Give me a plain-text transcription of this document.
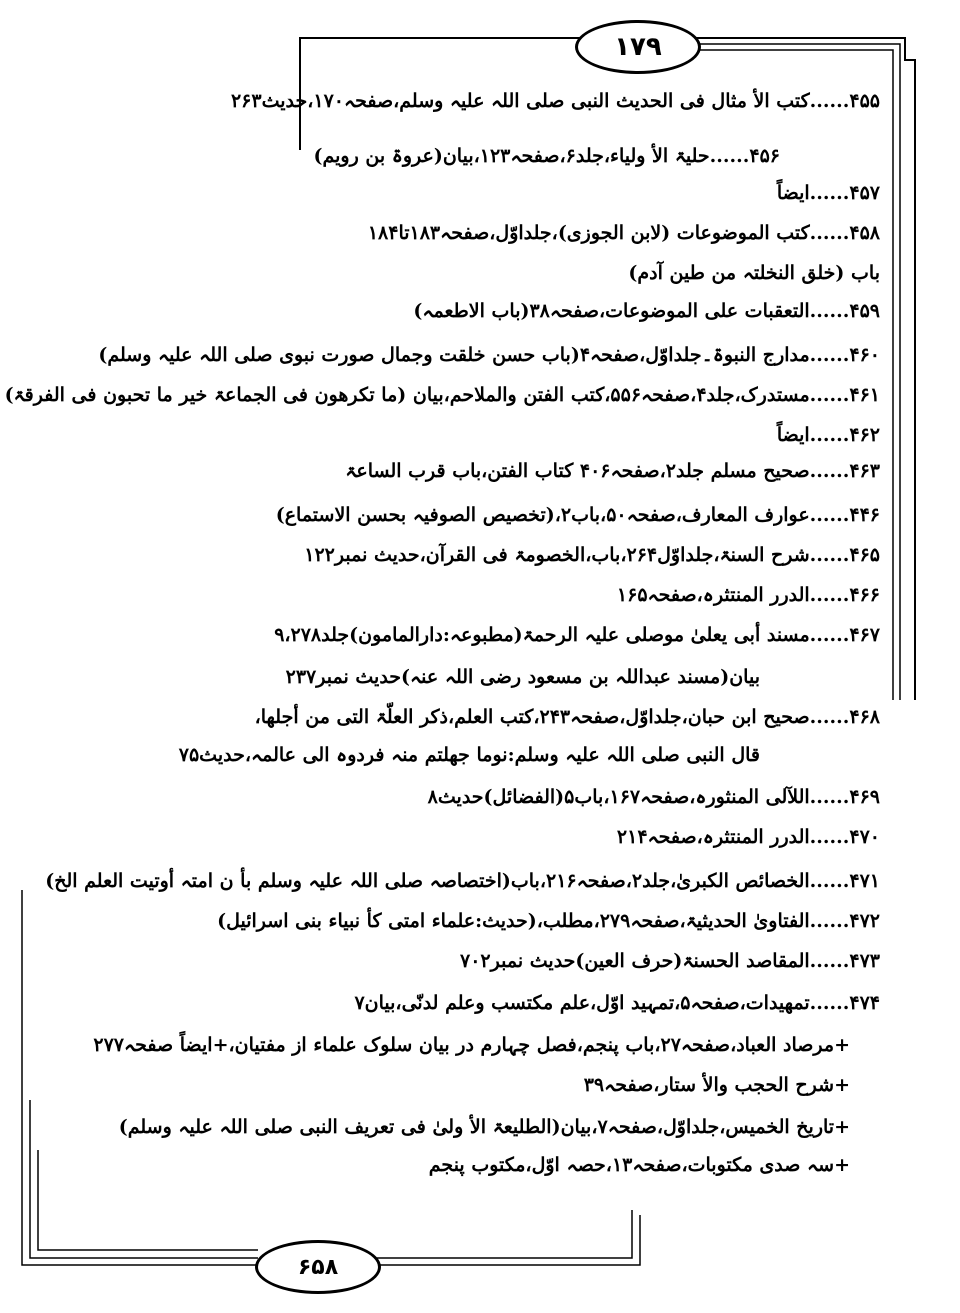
۱۷۹
۶۵۸
۴۵۵......کتب الأ مثال فی الحدیث النبی صلی اللہ علیہ وسلم،صفحہ۱۷۰،حدیث۲۶۳
۴۵۶......حلیۃ الأ ولیاء،جلد۶،صفحہ۱۲۳،بیان(عروۃ بن رویم)
۴۵۷......ایضاً
۴۵۸......کتب الموضوعات (لابن الجوزی)،جلداوّل،صفحہ۱۸۳تا۱۸۴
باب (خلق النخلتہ من طین آدم)
۴۵۹......التعقبات علی الموضوعات،صفحہ۳۸(باب الاطعمہ)
۴۶۰......مدارج النبوۃ۔جلداوّل،صفحہ۴(باب حسن خلقت وجمال صورت نبوی صلی اللہ علیہ وسلم)
۴۶۱......مستدرک،جلد۴،صفحہ۵۵۶،کتب الفتن والملاحم،بیان (ما تکرھون فی الجماعۃ خیر ما تحبون فی الفرقۃ)
۴۶۲......ایضاً
۴۶۳......صحیح مسلم جلد۲،صفحہ۴۰۶ کتاب الفتن،باب قرب الساعۃ
۴۴۶......عوارف المعارف،صفحہ۵۰،باب۲،(تخصیص الصوفیہ بحسن الاستماع)
۴۶۵......شرح السنۃ،جلداوّل۲۶۴،باب،الخصومۃ فی القرآن،حدیث نمبر۱۲۲
۴۶۶......الدرر المنتثرہ،صفحہ۱۶۵
۴۶۷......مسند أبی یعلیٰ موصلی علیہ الرحمۃ(مطبوعہ:دارالمامون)جلد۹،۲۷۸
بیان(مسند عبداللہ بن مسعود رضی اللہ عنہ)حدیث نمبر۲۳۷
۴۶۸......صحیح ابن حبان،جلداوّل،صفحہ۲۴۳،کتب العلم،ذکر العلّۃ التی من أجلھا،
قال النبی صلی اللہ علیہ وسلم:نوما جھلتم منہ فردوہ الی عالمہ،حدیث۷۵
۴۶۹......اللآلی المنثورہ،صفحہ۱۶۷،باب۵(الفضائل)حدیث۸
۴۷۰......الدرر المنتثرہ،صفحہ۲۱۴
۴۷۱......الخصائص الکبریٰ،جلد۲،صفحہ۲۱۶،باب(اختصاصہ صلی اللہ علیہ وسلم بأ ن امتہ أوتیت العلم الخ)
۴۷۲......الفتاویٰ الحدیثیۃ،صفحہ۲۷۹،مطلب،(حدیث:علماء امتی کأ نبیاء بنی اسرائیل)
۴۷۳......المقاصد الحسنۃ(حرف العین)حدیث نمبر۷۰۲
۴۷۴......تمھیدات،صفحہ۵،تمہید اوّل،علم مکتسب وعلم لدنّی،بیان۷
+مرصاد العباد،صفحہ۲۷،باب پنجم،فصل چہارم در بیان سلوک علماء از مفتیان،+ایضاً صفحہ۲۷۷
+شرح الحجب والأ ستار،صفحہ۳۹
+تاریخ الخمیس،جلداوّل،صفحہ۷،بیان(الطلیعۃ الأ ولیٰ فی تعریف النبی صلی اللہ علیہ وسلم)
+سہ صدی مکتوبات،صفحہ۱۳،حصہ اوّل،مکتوب پنجم
